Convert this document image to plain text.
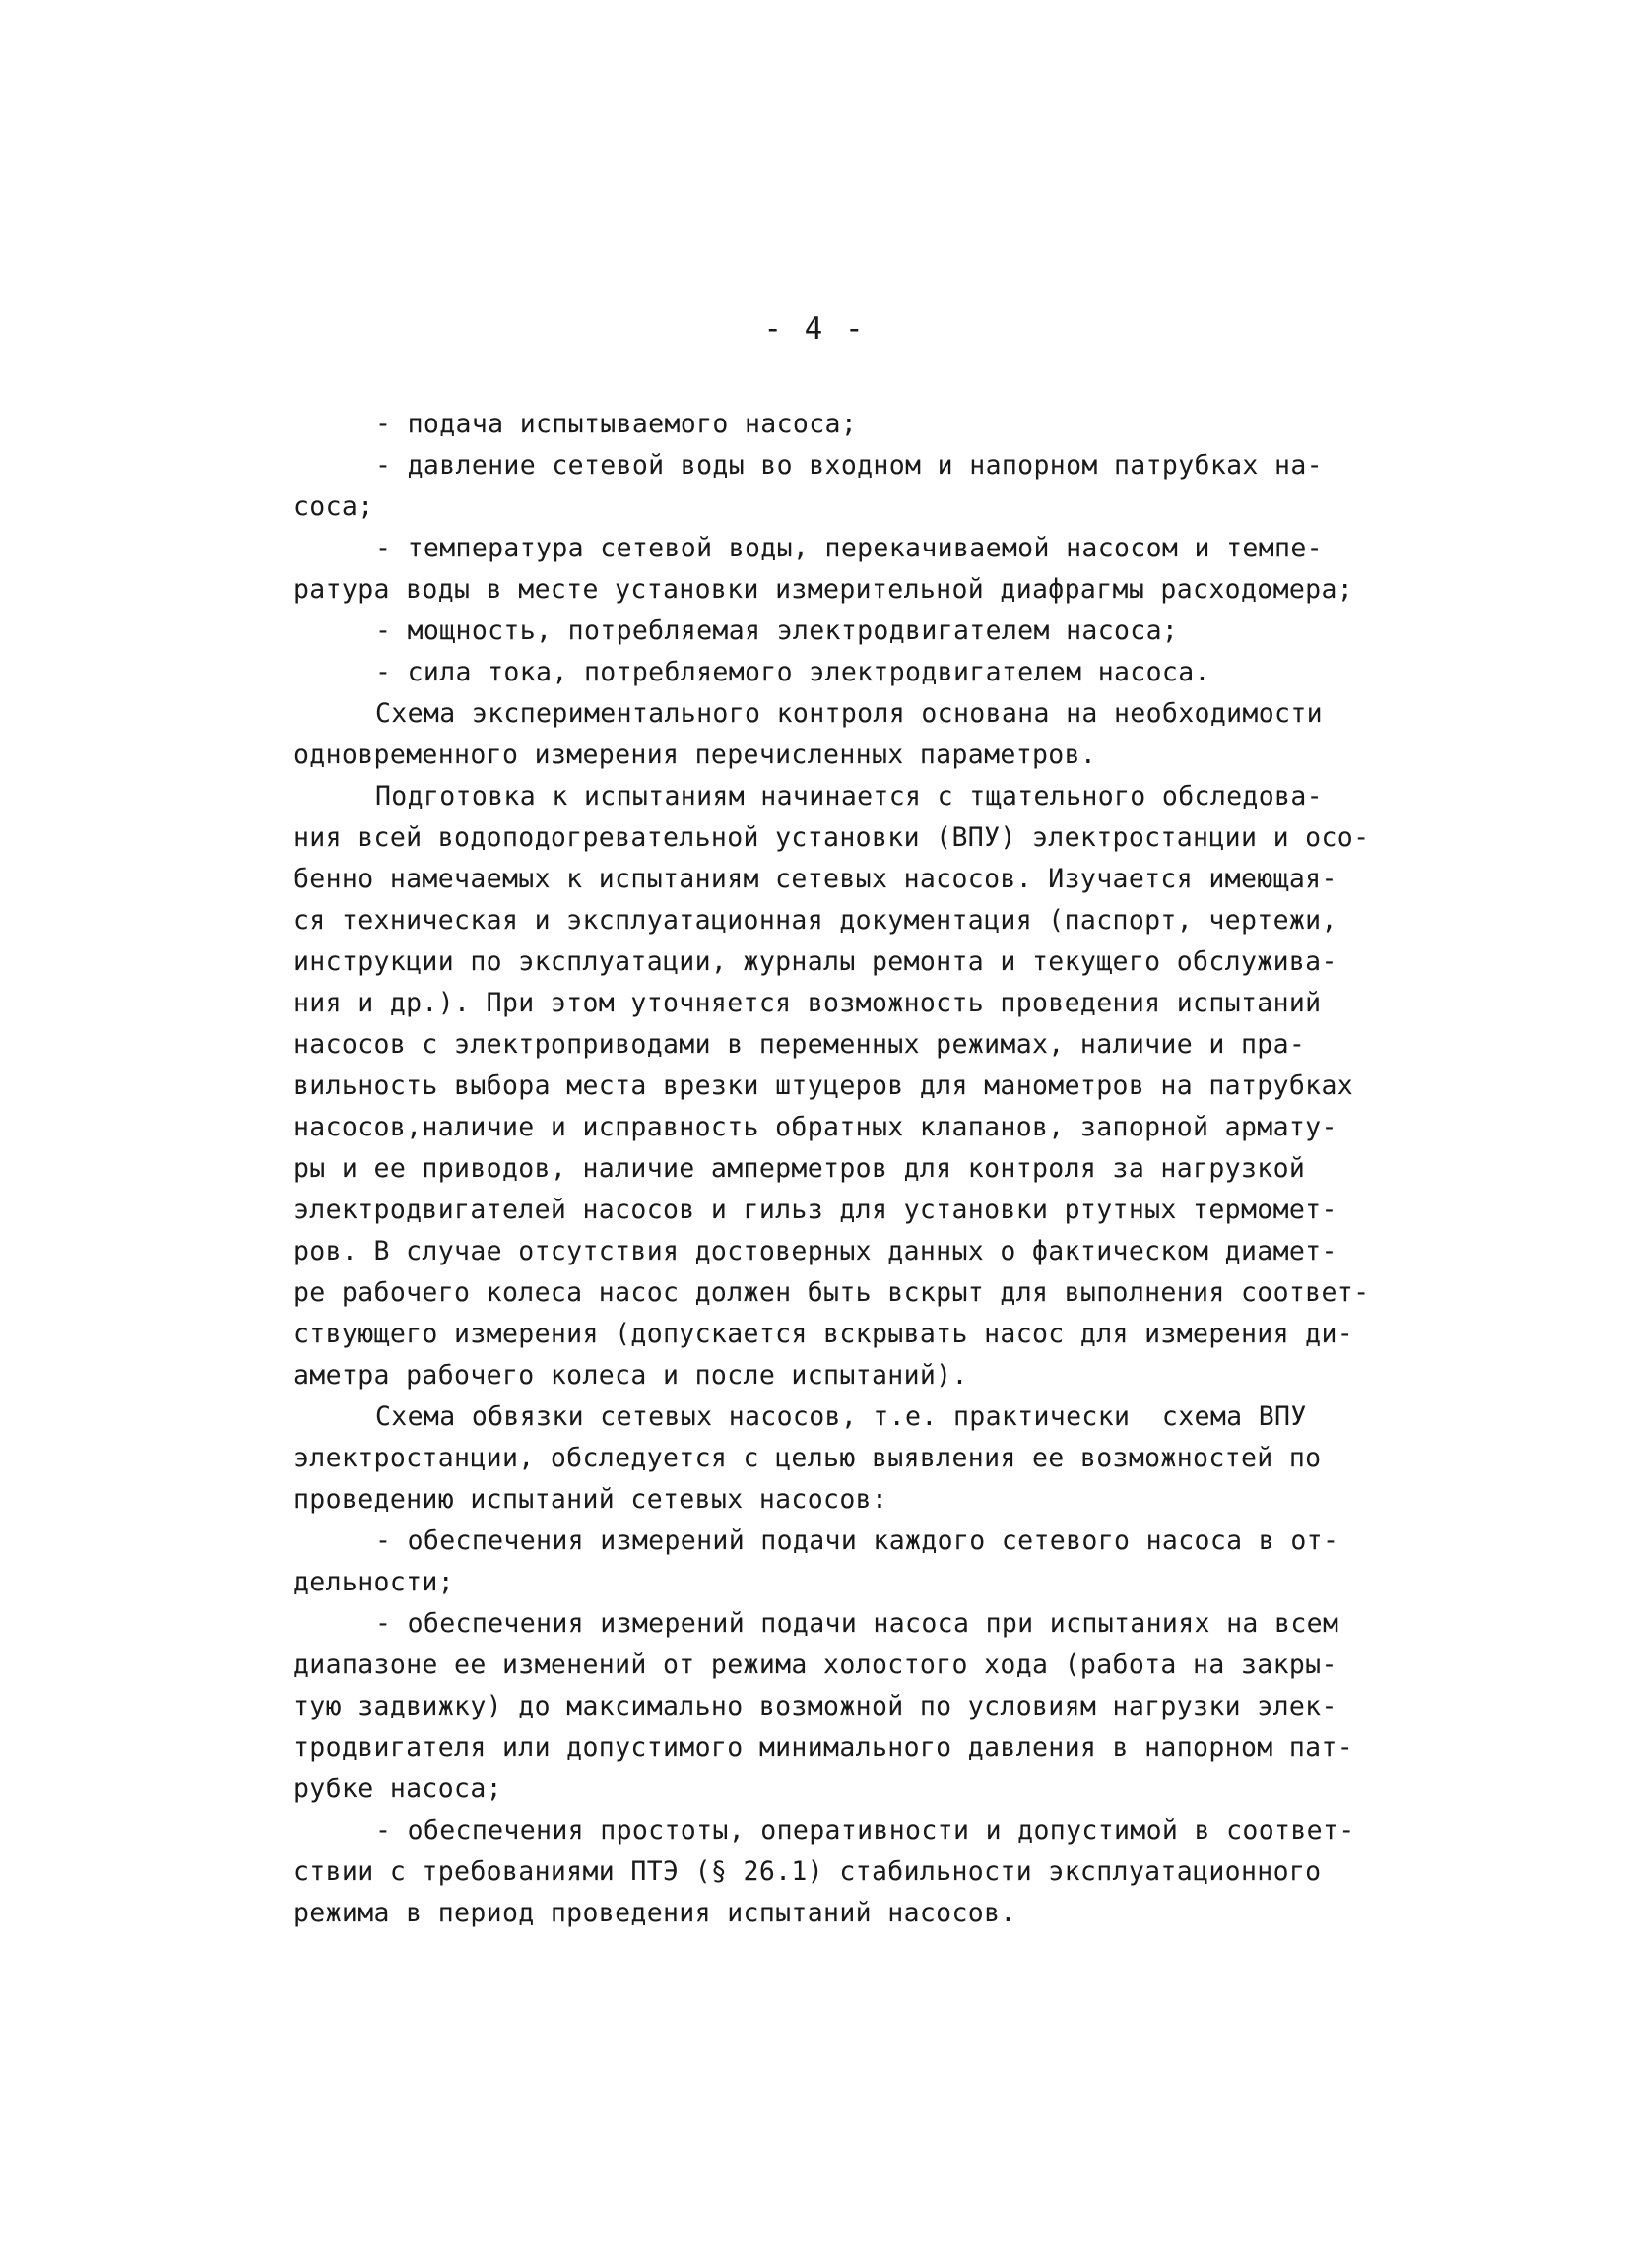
- 4 -
- подача испытываемого насоса;
- давление сетевой воды во входном и напорном патрубках на-
соса;
- температура сетевой воды, перекачиваемой насосом и темпе-
ратура воды в месте установки измерительной диафрагмы расходомера;
- мощность, потребляемая электродвигателем насоса;
- сила тока, потребляемого электродвигателем насоса.
Схема экспериментального контроля основана на необходимости
одновременного измерения перечисленных параметров.
Подготовка к испытаниям начинается с тщательного обследова-
ния всей водоподогревательной установки (ВПУ) электростанции и осо-
бенно намечаемых к испытаниям сетевых насосов. Изучается имеющая-
ся техническая и эксплуатационная документация (паспорт, чертежи,
инструкции по эксплуатации, журналы ремонта и текущего обслужива-
ния и др.). При этом уточняется возможность проведения испытаний
насосов с электроприводами в переменных режимах, наличие и пра-
вильность выбора места врезки штуцеров для манометров на патрубках
насосов,наличие и исправность обратных клапанов, запорной армату-
ры и ее приводов, наличие амперметров для контроля за нагрузкой
электродвигателей насосов и гильз для установки ртутных термомет-
ров. В случае отсутствия достоверных данных о фактическом диамет-
ре рабочего колеса насос должен быть вскрыт для выполнения соответ-
ствующего измерения (допускается вскрывать насос для измерения ди-
аметра рабочего колеса и после испытаний).
Схема обвязки сетевых насосов, т.е. практически  схема ВПУ
электростанции, обследуется с целью выявления ее возможностей по
проведению испытаний сетевых насосов:
- обеспечения измерений подачи каждого сетевого насоса в от-
дельности;
- обеспечения измерений подачи насоса при испытаниях на всем
диапазоне ее изменений от режима холостого хода (работа на закры-
тую задвижку) до максимально возможной по условиям нагрузки элек-
тродвигателя или допустимого минимального давления в напорном пат-
рубке насоса;
- обеспечения простоты, оперативности и допустимой в соответ-
ствии с требованиями ПТЭ (§ 26.1) стабильности эксплуатационного
режима в период проведения испытаний насосов.
